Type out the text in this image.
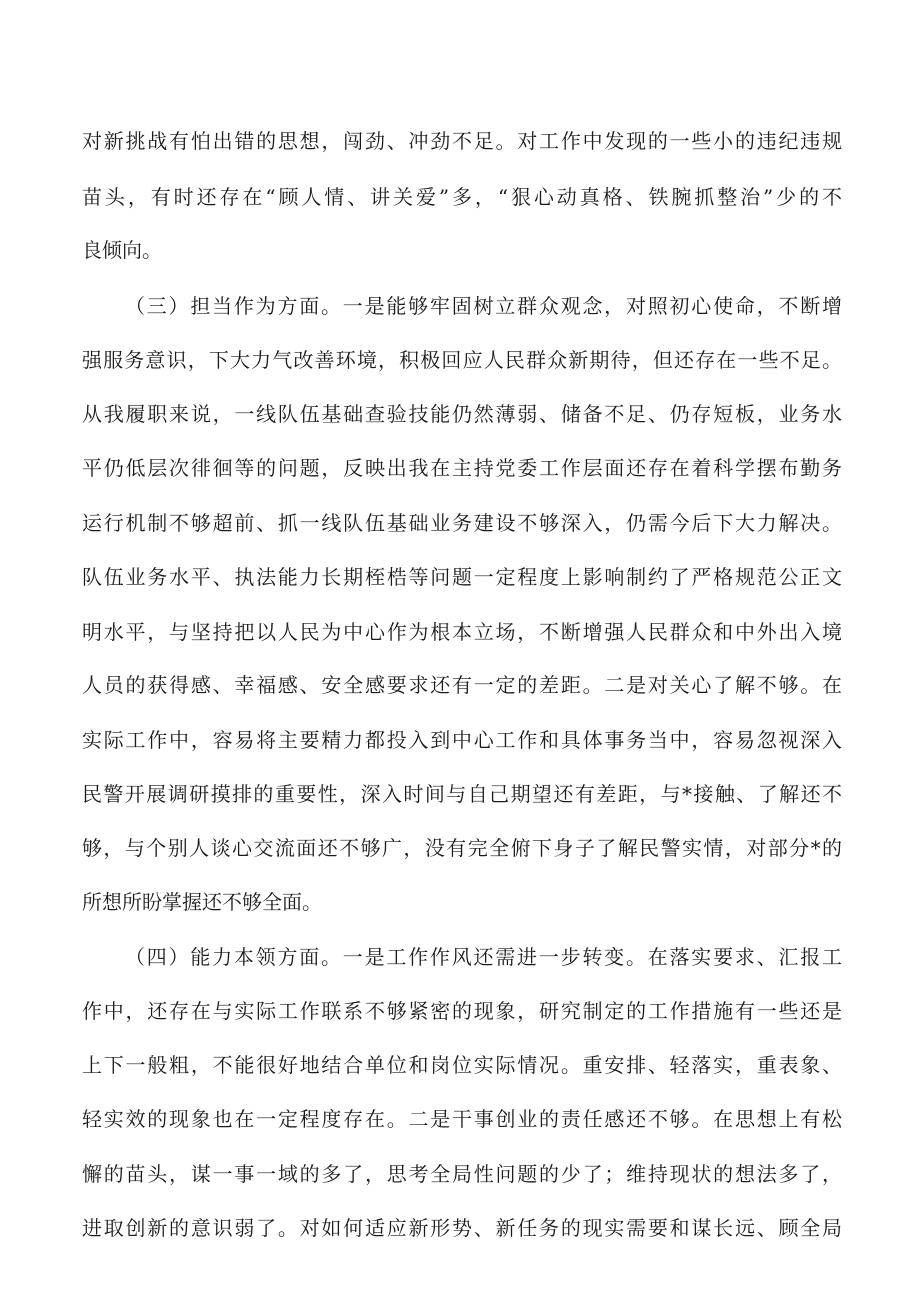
对新挑战有怕出错的思想，闯劲、冲劲不足。对工作中发现的一些小的违纪违规
苗头，有时还存在“顾人情、讲关爱”多，“狠心动真格、铁腕抓整治”少的不
良倾向。
（三）担当作为方面。一是能够牢固树立群众观念，对照初心使命，不断增
强服务意识，下大力气改善环境，积极回应人民群众新期待，但还存在一些不足。
从我履职来说，一线队伍基础查验技能仍然薄弱、储备不足、仍存短板，业务水
平仍低层次徘徊等的问题，反映出我在主持党委工作层面还存在着科学摆布勤务
运行机制不够超前、抓一线队伍基础业务建设不够深入，仍需今后下大力解决。
队伍业务水平、执法能力长期桎梏等问题一定程度上影响制约了严格规范公正文
明水平，与坚持把以人民为中心作为根本立场，不断增强人民群众和中外出入境
人员的获得感、幸福感、安全感要求还有一定的差距。二是对关心了解不够。在
实际工作中，容易将主要精力都投入到中心工作和具体事务当中，容易忽视深入
民警开展调研摸排的重要性，深入时间与自己期望还有差距，与*接触、了解还不
够，与个别人谈心交流面还不够广，没有完全俯下身子了解民警实情，对部分*的
所想所盼掌握还不够全面。
（四）能力本领方面。一是工作作风还需进一步转变。在落实要求、汇报工
作中，还存在与实际工作联系不够紧密的现象，研究制定的工作措施有一些还是
上下一般粗，不能很好地结合单位和岗位实际情况。重安排、轻落实，重表象、
轻实效的现象也在一定程度存在。二是干事创业的责任感还不够。在思想上有松
懈的苗头，谋一事一域的多了，思考全局性问题的少了；维持现状的想法多了，
进取创新的意识弱了。对如何适应新形势、新任务的现实需要和谋长远、顾全局
